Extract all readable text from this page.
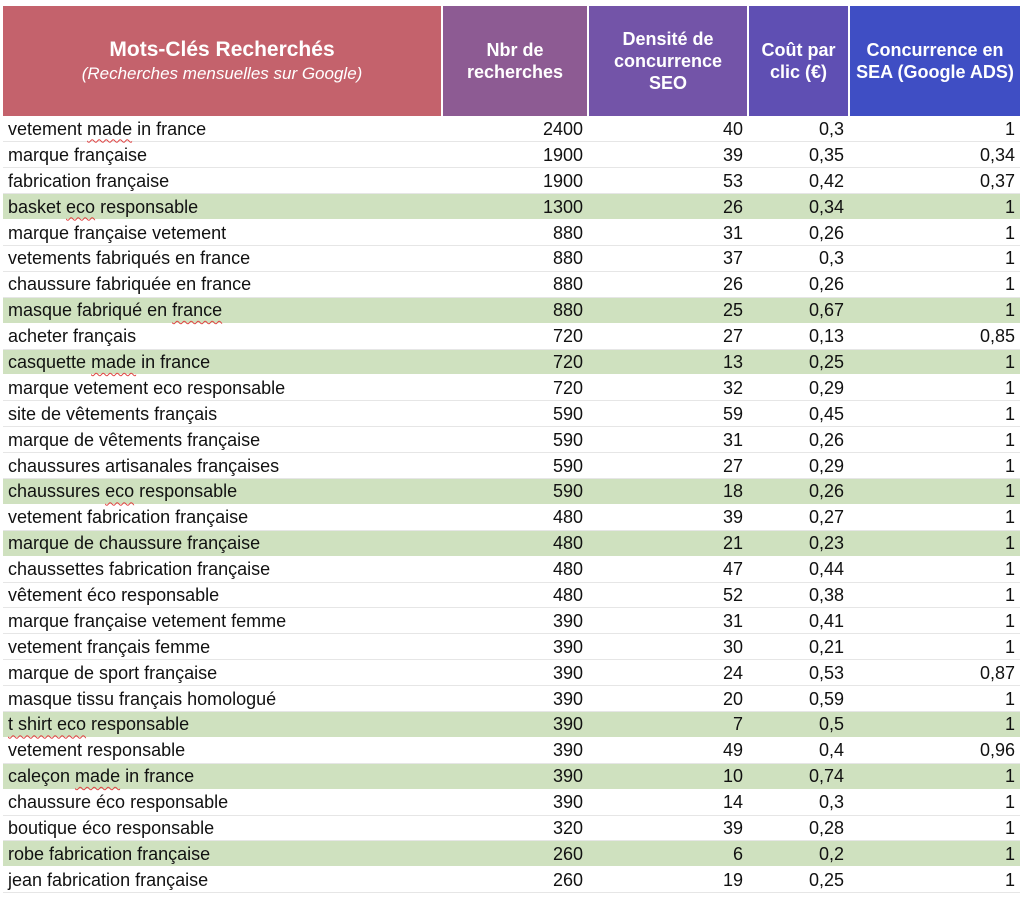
Mots-Clés Recherchés
(Recherches mensuelles sur Google)	Nbr de recherches	Densité de concurrence SEO	Coût par clic (€)	Concurrence en SEA (Google ADS)
vetement made in france	2400	40	0,3	1
marque française	1900	39	0,35	0,34
fabrication française	1900	53	0,42	0,37
basket eco responsable	1300	26	0,34	1
marque française vetement	880	31	0,26	1
vetements fabriqués en france	880	37	0,3	1
chaussure fabriquée en france	880	26	0,26	1
masque fabriqué en france	880	25	0,67	1
acheter français	720	27	0,13	0,85
casquette made in france	720	13	0,25	1
marque vetement eco responsable	720	32	0,29	1
site de vêtements français	590	59	0,45	1
marque de vêtements française	590	31	0,26	1
chaussures artisanales françaises	590	27	0,29	1
chaussures eco responsable	590	18	0,26	1
vetement fabrication française	480	39	0,27	1
marque de chaussure française	480	21	0,23	1
chaussettes fabrication française	480	47	0,44	1
vêtement éco responsable	480	52	0,38	1
marque française vetement femme	390	31	0,41	1
vetement français femme	390	30	0,21	1
marque de sport française	390	24	0,53	0,87
masque tissu français homologué	390	20	0,59	1
t shirt eco responsable	390	7	0,5	1
vetement responsable	390	49	0,4	0,96
caleçon made in france	390	10	0,74	1
chaussure éco responsable	390	14	0,3	1
boutique éco responsable	320	39	0,28	1
robe fabrication française	260	6	0,2	1
jean fabrication française	260	19	0,25	1
